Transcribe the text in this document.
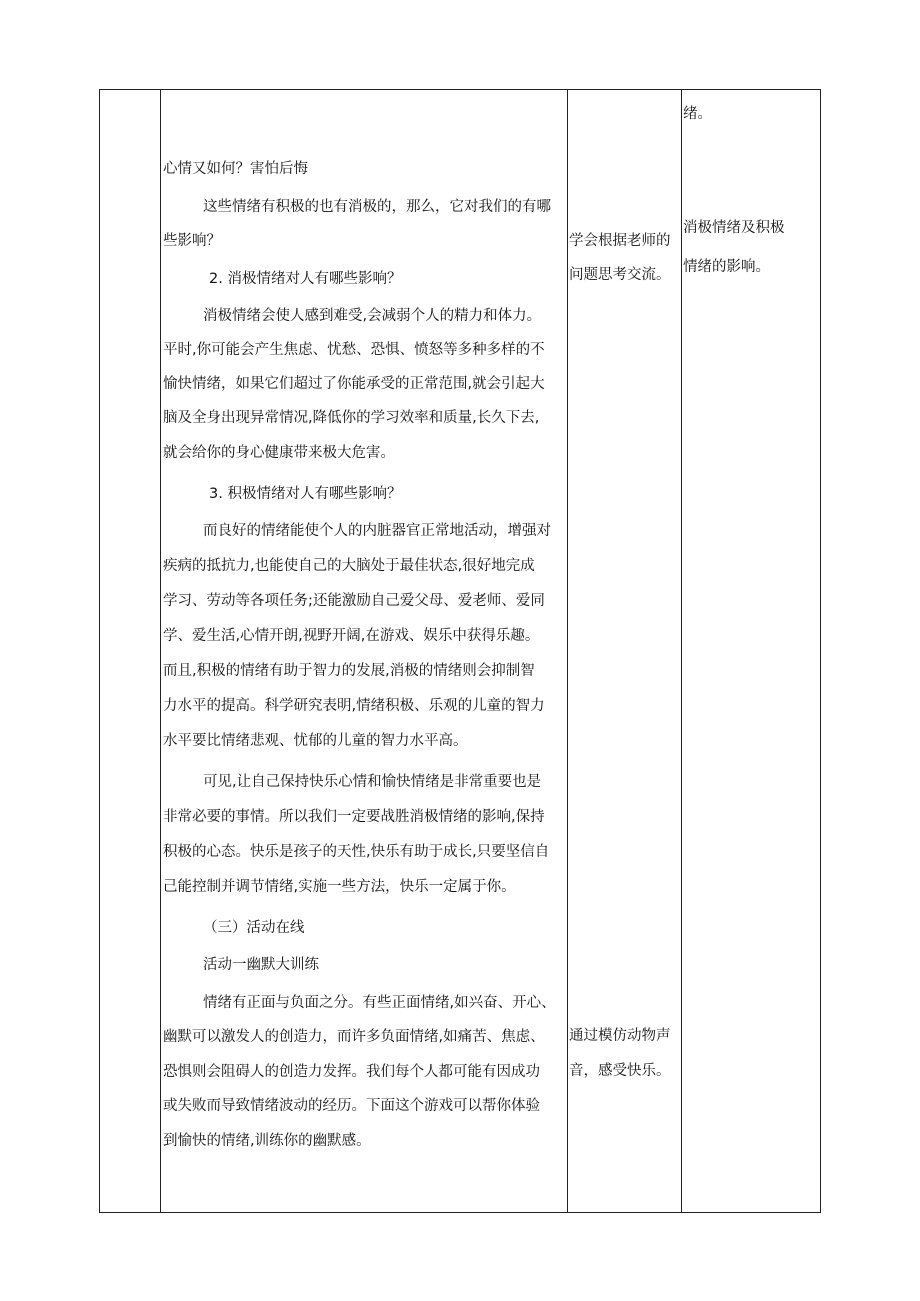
心情又如何？害怕后悔
这些情绪有积极的也有消极的，那么，它对我们的有哪
些影响？
2. 消极情绪对人有哪些影响？
消极情绪会使人感到难受,会减弱个人的精力和体力。
平时,你可能会产生焦虑、忧愁、恐惧、愤怒等多种多样的不
愉快情绪，如果它们超过了你能承受的正常范围,就会引起大
脑及全身出现异常情况,降低你的学习效率和质量,长久下去,
就会给你的身心健康带来极大危害。
3. 积极情绪对人有哪些影响？
而良好的情绪能使个人的内脏器官正常地活动，增强对
疾病的抵抗力,也能使自己的大脑处于最佳状态,很好地完成
学习、劳动等各项任务;还能激励自己爱父母、爱老师、爱同
学、爱生活,心情开朗,视野开阔,在游戏、娱乐中获得乐趣。
而且,积极的情绪有助于智力的发展,消极的情绪则会抑制智
力水平的提高。科学研究表明,情绪积极、乐观的儿童的智力
水平要比情绪悲观、忧郁的儿童的智力水平高。
可见,让自己保持快乐心情和愉快情绪是非常重要也是
非常必要的事情。所以我们一定要战胜消极情绪的影响,保持
积极的心态。快乐是孩子的天性,快乐有助于成长,只要坚信自
己能控制并调节情绪,实施一些方法，快乐一定属于你。
（三）活动在线
活动一幽默大训练
情绪有正面与负面之分。有些正面情绪,如兴奋、开心、
幽默可以激发人的创造力，而许多负面情绪,如痛苦、焦虑、
恐惧则会阻碍人的创造力发挥。我们每个人都可能有因成功
或失败而导致情绪波动的经历。下面这个游戏可以帮你体验
到愉快的情绪,训练你的幽默感。
学会根据老师的
问题思考交流。
通过模仿动物声
音，感受快乐。
绪。
消极情绪及积极
情绪的影响。
